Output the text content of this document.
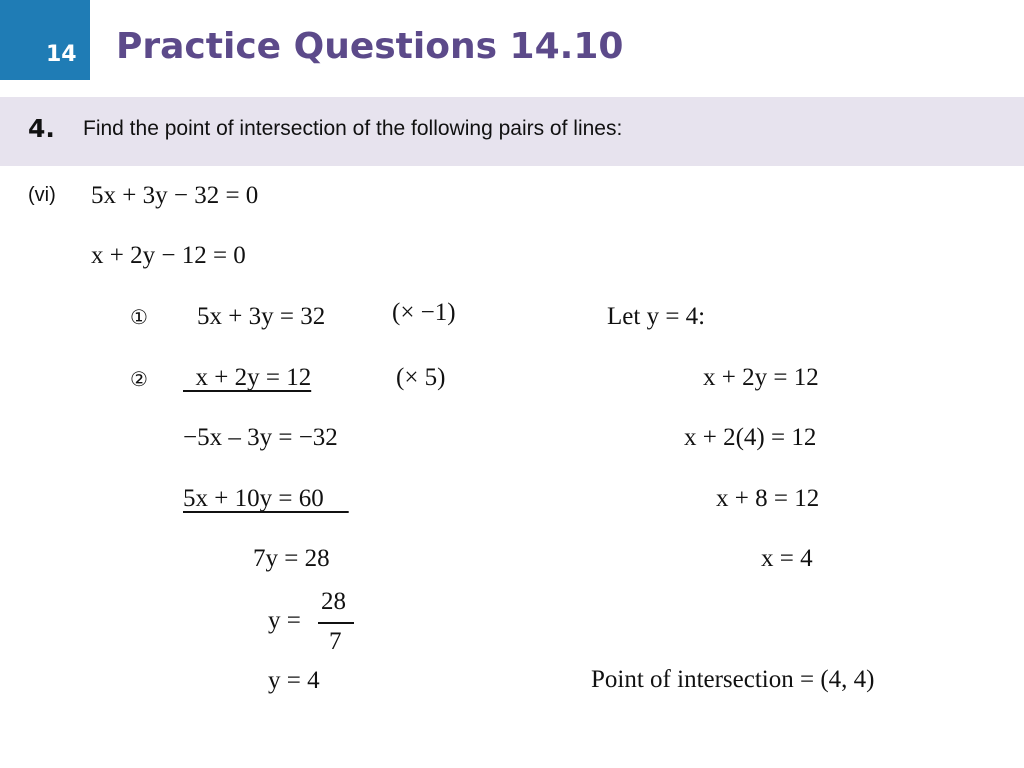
14 Practice Questions 14.10
4. Find the point of intersection of the following pairs of lines:
(vi) 5x + 3y − 32 = 0
x + 2y − 12 = 0
① 5x + 3y = 32	(× −1)
② x + 2y = 12	(× 5)
−5x – 3y = −32
5x + 10y = 60
7y = 28
y =
28
7
y = 4
Let y = 4:
x + 2y = 12
x + 2(4) = 12
x + 8 = 12
x = 4
Point of intersection = (4, 4)
